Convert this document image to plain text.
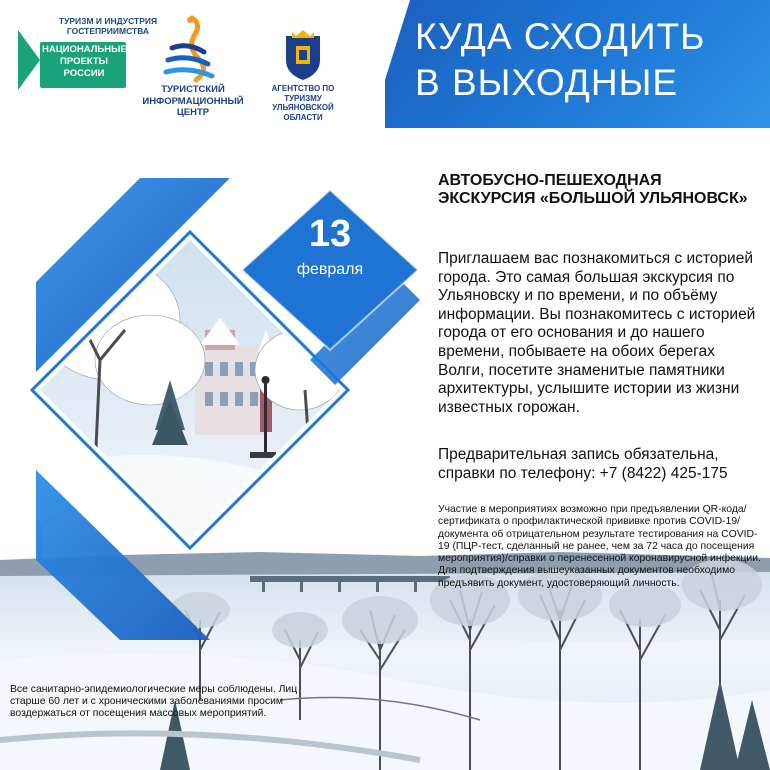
КУДА СХОДИТЬ
В ВЫХОДНЫЕ
ТУРИЗМ И ИНДУСТРИЯ ГОСТЕПРИИМСТВА
НАЦИОНАЛЬНЫЕ ПРОЕКТЫ РОССИИ
ТУРИСТСКИЙ ИНФОРМАЦИОННЫЙ ЦЕНТР
АГЕНТСТВО ПО ТУРИЗМУ УЛЬЯНОВСКОЙ ОБЛАСТИ
13
февраля
АВТОБУСНО-ПЕШЕХОДНАЯ ЭКСКУРСИЯ «БОЛЬШОЙ УЛЬЯНОВСК»

Приглашаем вас познакомиться с историей города. Это самая большая экскурсия по Ульяновску и по времени, и по объёму информации. Вы познакомитесь с историей города от его основания и до нашего времени, побываете на обоих берегах Волги, посетите знаменитые памятники архитектуры, услышите истории из жизни известных горожан.

Предварительная запись обязательна, справки по телефону: +7 (8422) 425-175

Участие в мероприятиях возможно при предъявлении QR-кода/сертификата о профилактической прививке против COVID-19/документа об отрицательном результате тестирования на COVID-19 (ПЦР-тест, сделанный не ранее, чем за 72 часа до посещения мероприятия)/справки о перенесенной коронавирусной инфекции. Для подтверждения вышеуказанных документов необходимо предъявить документ, удостоверяющий личность.

Все санитарно-эпидемиологические меры соблюдены. Лиц старше 60 лет и с хроническими заболеваниями просим воздержаться от посещения массовых мероприятий.
